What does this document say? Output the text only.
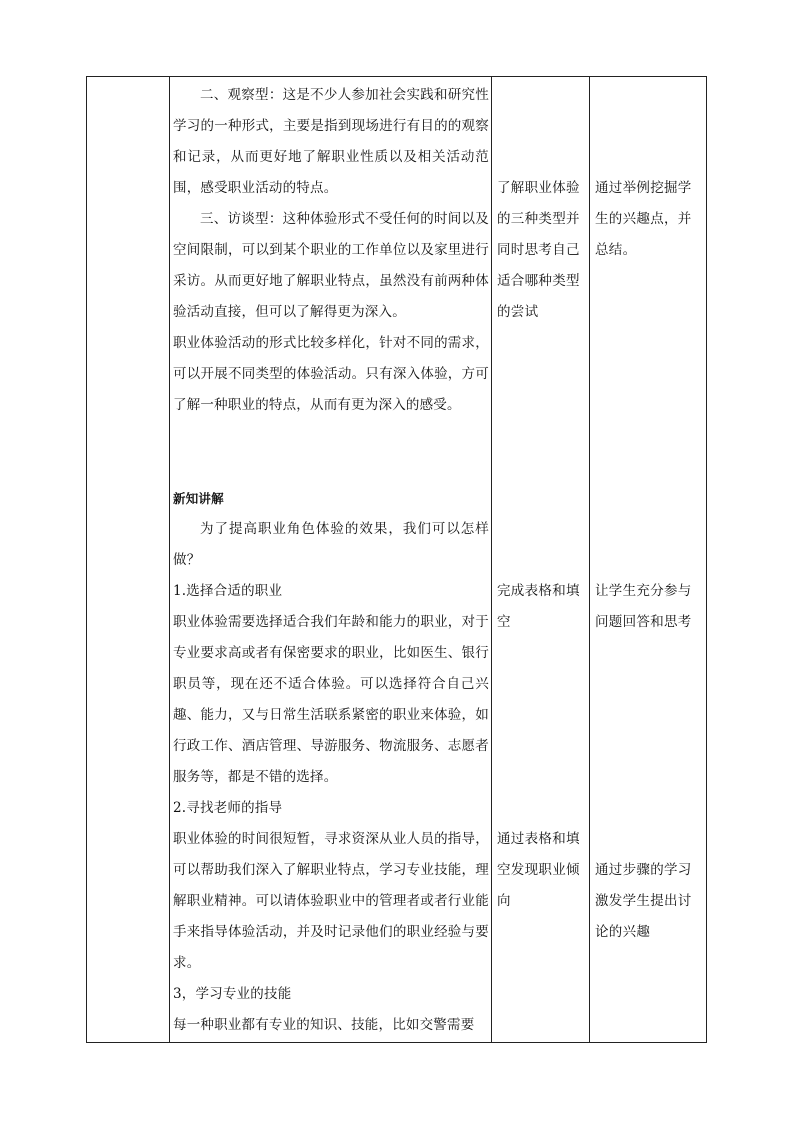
二、观察型：这是不少人参加社会实践和研究性学习的一种形式，主要是指到现场进行有目的的观察和记录，从而更好地了解职业性质以及相关活动范围，感受职业活动的特点。

三、访谈型：这种体验形式不受任何的时间以及空间限制，可以到某个职业的工作单位以及家里进行采访。从而更好地了解职业特点，虽然没有前两种体验活动直接，但可以了解得更为深入。

职业体验活动的形式比较多样化，针对不同的需求，可以开展不同类型的体验活动。只有深入体验，方可了解一种职业的特点，从而有更为深入的感受。

新知讲解

为了提高职业角色体验的效果，我们可以怎样做？

1.选择合适的职业

职业体验需要选择适合我们年龄和能力的职业，对于专业要求高或者有保密要求的职业，比如医生、银行职员等，现在还不适合体验。可以选择符合自己兴趣、能力，又与日常生活联系紧密的职业来体验，如行政工作、酒店管理、导游服务、物流服务、志愿者服务等，都是不错的选择。

2.寻找老师的指导

职业体验的时间很短暂，寻求资深从业人员的指导，可以帮助我们深入了解职业特点，学习专业技能，理解职业精神。可以请体验职业中的管理者或者行业能手来指导体验活动，并及时记录他们的职业经验与要求。

3，学习专业的技能

每一种职业都有专业的知识、技能，比如交警需要

了解职业体验的三种类型并同时思考自己适合哪种类型的尝试

完成表格和填空

通过表格和填空发现职业倾向

通过举例挖掘学生的兴趣点，并总结。

让学生充分参与问题回答和思考

通过步骤的学习激发学生提出讨论的兴趣
